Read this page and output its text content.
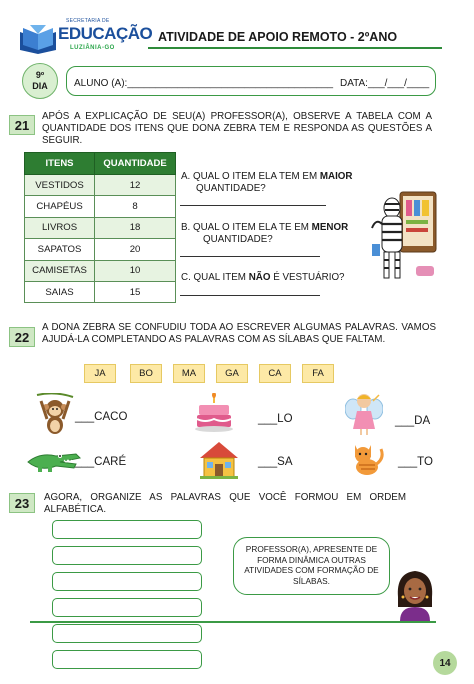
SECRETARIA DE
EDUCAÇÃO
LUZIÂNIA-GO
ATIVIDADE DE APOIO REMOTO - 2ºANO
9º
DIA	ALUNO (A):_____________________________________ DATA:___/___/____
21
APÓS A EXPLICAÇÃO DE SEU(A) PROFESSOR(A), OBSERVE A TABELA COM A QUANTIDADE DOS ITENS QUE DONA ZEBRA TEM E RESPONDA AS QUESTÕES A SEGUIR.
ITENS	QUANTIDADE
VESTIDOS	12
CHAPÉUS	8
LIVROS	18
SAPATOS	20
CAMISETAS	10
SAIAS	15
A. QUAL O ITEM ELA TEM EM MAIOR
QUANTIDADE?
B. QUAL O ITEM ELA TE EM MENOR
QUANTIDADE?
C. QUAL ITEM NÃO É VESTUÁRIO?
22
A DONA ZEBRA SE CONFUDIU TODA AO ESCREVER ALGUMAS PALAVRAS. VAMOS AJUDÁ-LA COMPLETANDO AS PALAVRAS COM AS SÍLABAS QUE FALTAM.
JA	BO	MA	GA	CA	FA
___CACO	___LO	___DA
___CARÉ	___SA	___TO
23	AGORA, ORGANIZE AS PALAVRAS QUE VOCÊ FORMOU EM ORDEM ALFABÉTICA.
PROFESSOR(A), APRESENTE DE FORMA DINÂMICA OUTRAS ATIVIDADES COM FORMAÇÃO DE SÍLABAS.
14
